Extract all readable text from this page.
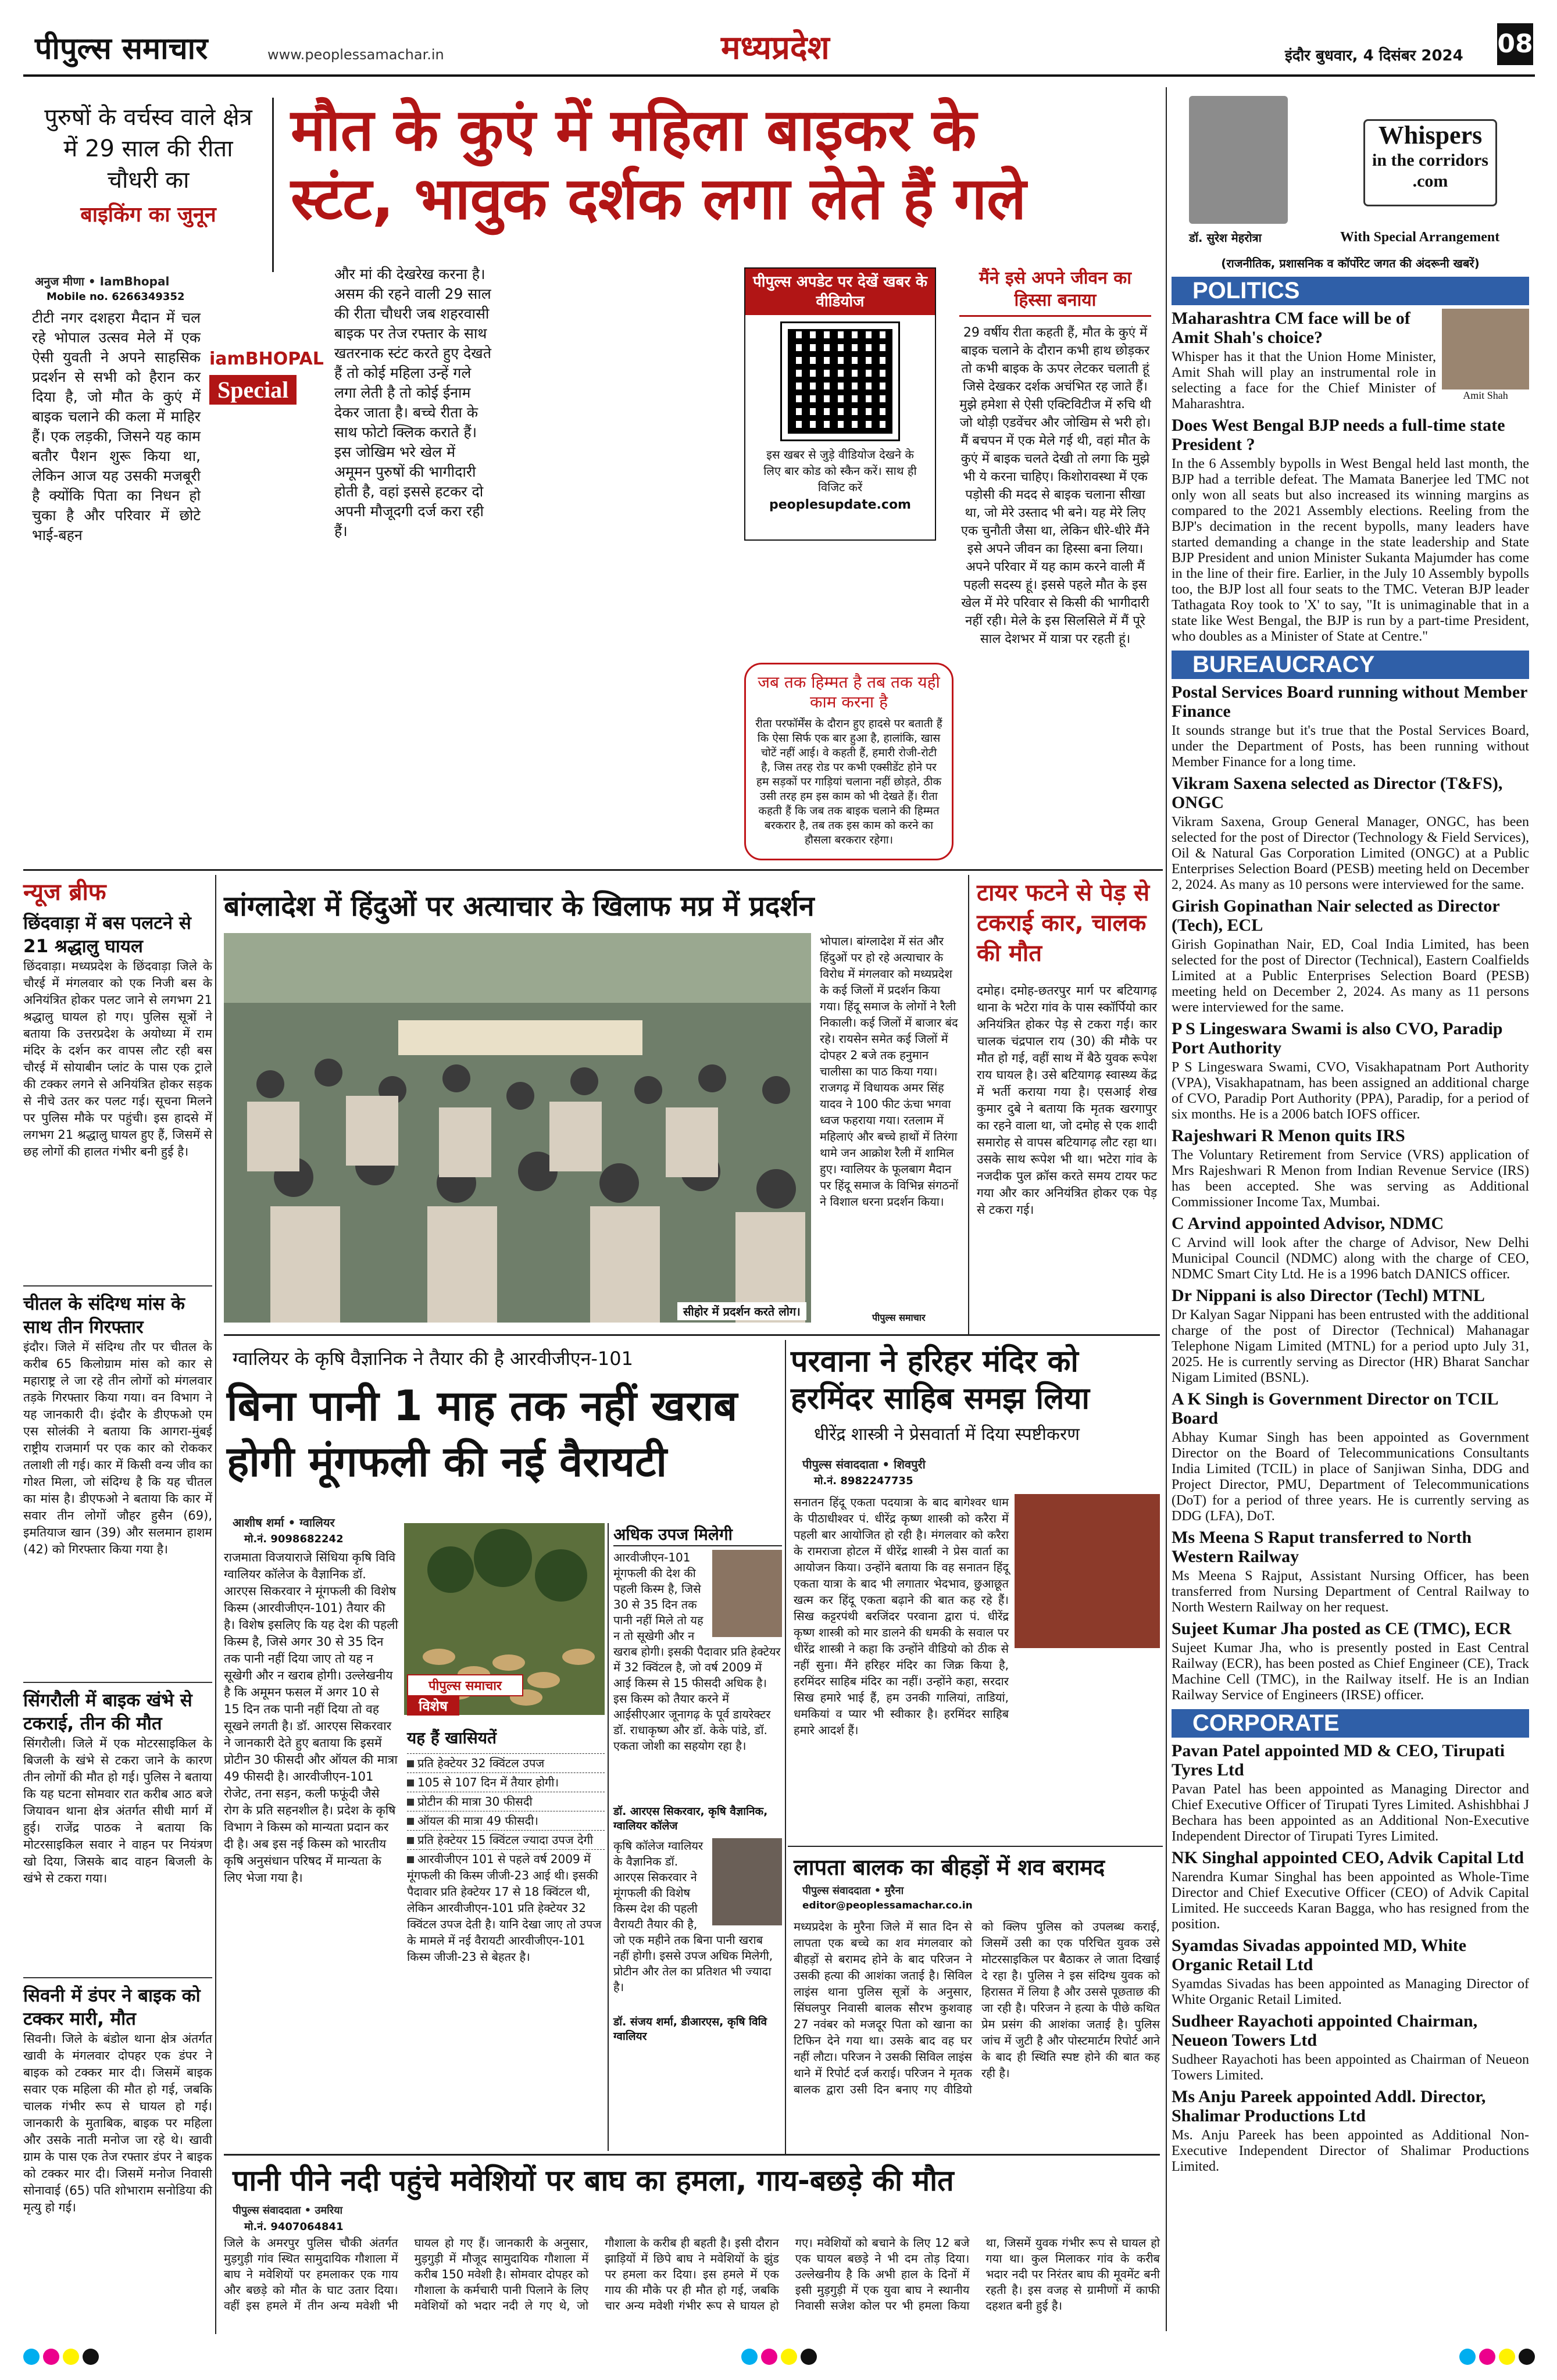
पीपुल्स समाचार	www.peoplessamachar.in	मध्यप्रदेश	इंदौर बुधवार, 4 दिसंबर 2024 08
पुरुषों के वर्चस्व वाले क्षेत्र में 29 साल की रीता चौधरी का
बाइकिंग का जुनून
मौत के कुएं में महिला बाइकर के
स्टंट, भावुक दर्शक लगा लेते हैं गले
अनुज मीणा • IamBhopal
Mobile no. 6266349352
टीटी नगर दशहरा मैदान में चल रहे भोपाल उत्सव मेले में एक ऐसी युवती ने अपने साहसिक प्रदर्शन से सभी को हैरान कर दिया है, जो मौत के कुएं में बाइक चलाने की कला में माहिर हैं। एक लड़की, जिसने यह काम बतौर पैशन शुरू किया था, लेकिन आज यह उसकी मजबूरी है क्योंकि पिता का निधन हो चुका है और परिवार में छोटे भाई-बहन
iamBHOPAL
Special
और मां की देखरेख करना है। असम की रहने वाली 29 साल की रीता चौधरी जब शहरवासी बाइक पर तेज रफ्तार के साथ खतरनाक स्टंट करते हुए देखते हैं तो कोई महिला उन्हें गले लगा लेती है तो कोई ईनाम देकर जाता है। बच्चे रीता के साथ फोटो क्लिक कराते हैं। इस जोखिम भरे खेल में अमूमन पुरुषों की भागीदारी होती है, वहां इससे हटकर दो अपनी मौजूदगी दर्ज करा रही हैं।
पीपुल्स अपडेट पर देखें खबर के वीडियोज
इस खबर से जुड़े वीडियोज देखने के लिए बार कोड को स्कैन करें। साथ ही विजिट करें
peoplesupdate.com
जब तक हिम्मत है तब तक यही काम करना है
रीता परफॉर्मेंस के दौरान हुए हादसे पर बताती हैं कि ऐसा सिर्फ एक बार हुआ है, हालांकि, खास चोटें नहीं आई। वे कहती हैं, हमारी रोजी-रोटी है, जिस तरह रोड पर कभी एक्सीडेंट होने पर हम सड़कों पर गाड़ियां चलाना नहीं छोड़ते, ठीक उसी तरह हम इस काम को भी देखते हैं। रीता कहती हैं कि जब तक बाइक चलाने की हिम्मत बरकरार है, तब तक इस काम को करने का हौसला बरकरार रहेगा।
मैंने इसे अपने जीवन का हिस्सा बनाया
29 वर्षीय रीता कहती हैं, मौत के कुएं में बाइक चलाने के दौरान कभी हाथ छोड़कर तो कभी बाइक के ऊपर लेटकर चलाती हूं जिसे देखकर दर्शक अचंभित रह जाते हैं। मुझे हमेशा से ऐसी एक्टिविटीज में रुचि थी जो थोड़ी एडवेंचर और जोखिम से भरी हो। मैं बचपन में एक मेले गई थी, वहां मौत के कुएं में बाइक चलते देखी तो लगा कि मुझे भी ये करना चाहिए। किशोरावस्था में एक पड़ोसी की मदद से बाइक चलाना सीखा था, जो मेरे उस्ताद भी बने। यह मेरे लिए एक चुनौती जैसा था, लेकिन धीरे-धीरे मैंने इसे अपने जीवन का हिस्सा बना लिया। अपने परिवार में यह काम करने वाली मैं पहली सदस्य हूं। इससे पहले मौत के इस खेल में मेरे परिवार से किसी की भागीदारी नहीं रही। मेले के इस सिलसिले में मैं पूरे साल देशभर में यात्रा पर रहती हूं।
न्यूज ब्रीफ
छिंदवाड़ा में बस पलटने से 21 श्रद्धालु घायल
छिंदवाड़ा। मध्यप्रदेश के छिंदवाड़ा जिले के चौरई में मंगलवार को एक निजी बस के अनियंत्रित होकर पलट जाने से लगभग 21 श्रद्धालु घायल हो गए। पुलिस सूत्रों ने बताया कि उत्तरप्रदेश के अयोध्या में राम मंदिर के दर्शन कर वापस लौट रही बस चौरई में सोयाबीन प्लांट के पास एक ट्राले की टक्कर लगने से अनियंत्रित होकर सड़क से नीचे उतर कर पलट गई। सूचना मिलने पर पुलिस मौके पर पहुंची। इस हादसे में लगभग 21 श्रद्धालु घायल हुए हैं, जिसमें से छह लोगों की हालत गंभीर बनी हुई है।
चीतल के संदिग्ध मांस के साथ तीन गिरफ्तार
इंदौर। जिले में संदिग्ध तौर पर चीतल के करीब 65 किलोग्राम मांस को कार से महाराष्ट्र ले जा रहे तीन लोगों को मंगलवार तड़के गिरफ्तार किया गया। वन विभाग ने यह जानकारी दी। इंदौर के डीएफओ एम एस सोलंकी ने बताया कि आगरा-मुंबई राष्ट्रीय राजमार्ग पर एक कार को रोककर तलाशी ली गई। कार में किसी वन्य जीव का गोश्त मिला, जो संदिग्ध है कि यह चीतल का मांस है। डीएफओ ने बताया कि कार में सवार तीन लोगों जौहर हुसैन (69), इमतियाज खान (39) और सलमान हाशम (42) को गिरफ्तार किया गया है।
सिंगरौली में बाइक खंभे से टकराई, तीन की मौत
सिंगरौली। जिले में एक मोटरसाइकिल के बिजली के खंभे से टकरा जाने के कारण तीन लोगों की मौत हो गई। पुलिस ने बताया कि यह घटना सोमवार रात करीब आठ बजे जियावन थाना क्षेत्र अंतर्गत सीधी मार्ग में हुई। राजेंद्र पाठक ने बताया कि मोटरसाइकिल सवार ने वाहन पर नियंत्रण खो दिया, जिसके बाद वाहन बिजली के खंभे से टकरा गया।
सिवनी में डंपर ने बाइक को टक्कर मारी, मौत
सिवनी। जिले के बंडोल थाना क्षेत्र अंतर्गत खावी के मंगलवार दोपहर एक डंपर ने बाइक को टक्कर मार दी। जिसमें बाइक सवार एक महिला की मौत हो गई, जबकि चालक गंभीर रूप से घायल हो गई। जानकारी के मुताबिक, बाइक पर महिला और उसके नाती मनोज जा रहे थे। खावी ग्राम के पास एक तेज रफ्तार डंपर ने बाइक को टक्कर मार दी। जिसमें मनोज निवासी सोनावाई (65) पति शोभाराम सनोडिया की मृत्यु हो गई।
बांग्लादेश में हिंदुओं पर अत्याचार के खिलाफ मप्र में प्रदर्शन
सीहोर में प्रदर्शन करते लोग।
भोपाल। बांग्लादेश में संत और हिंदुओं पर हो रहे अत्याचार के विरोध में मंगलवार को मध्यप्रदेश के कई जिलों में प्रदर्शन किया गया। हिंदू समाज के लोगों ने रैली निकाली। कई जिलों में बाजार बंद रहे। रायसेन समेत कई जिलों में दोपहर 2 बजे तक हनुमान चालीसा का पाठ किया गया। राजगढ़ में विधायक अमर सिंह यादव ने 100 फीट ऊंचा भगवा ध्वज फहराया गया। रतलाम में महिलाएं और बच्चे हाथों में तिरंगा थामे जन आक्रोश रैली में शामिल हुए। ग्वालियर के फूलबाग मैदान पर हिंदू समाज के विभिन्न संगठनों ने विशाल धरना प्रदर्शन किया।
पीपुल्स समाचार
टायर फटने से पेड़ से टकराई कार, चालक की मौत
दमोह। दमोह-छतरपुर मार्ग पर बटियागढ़ थाना के भटेरा गांव के पास स्कॉर्पियो कार अनियंत्रित होकर पेड़ से टकरा गई। कार चालक चंद्रपाल राय (30) की मौके पर मौत हो गई, वहीं साथ में बैठे युवक रूपेश राय घायल है। उसे बटियागढ़ स्वास्थ्य केंद्र में भर्ती कराया गया है। एसआई शेख कुमार दुबे ने बताया कि मृतक खरगापुर का रहने वाला था, जो दमोह से एक शादी समारोह से वापस बटियागढ़ लौट रहा था। उसके साथ रूपेश भी था। भटेरा गांव के नजदीक पुल क्रॉस करते समय टायर फट गया और कार अनियंत्रित होकर एक पेड़ से टकरा गई।
ग्वालियर के कृषि वैज्ञानिक ने तैयार की है आरवीजीएन-101
बिना पानी 1 माह तक नहीं खराब होगी मूंगफली की नई वैरायटी
आशीष शर्मा • ग्वालियर
मो.नं. 9098682242
राजमाता विजयाराजे सिंधिया कृषि विवि ग्वालियर कॉलेज के वैज्ञानिक डॉ. आरएस सिकरवार ने मूंगफली की विशेष किस्म (आरवीजीएन-101) तैयार की है। विशेष इसलिए कि यह देश की पहली किस्म है, जिसे अगर 30 से 35 दिन तक पानी नहीं दिया जाए तो यह न सूखेगी और न खराब होगी। उल्लेखनीय है कि अमूमन फसल में अगर 10 से 15 दिन तक पानी नहीं दिया तो वह सूखने लगती है। डॉ. आरएस सिकरवार ने जानकारी देते हुए बताया कि इसमें प्रोटीन 30 फीसदी और ऑयल की मात्रा 49 फीसदी है। आरवीजीएन-101 रोजेट, तना सड़न, कली फफूंदी जैसे रोग के प्रति सहनशील है। प्रदेश के कृषि विभाग ने किस्म को मान्यता प्रदान कर दी है। अब इस नई किस्म को भारतीय कृषि अनुसंधान परिषद में मान्यता के लिए भेजा गया है।
पीपुल्स समाचार
विशेष
यह हैं खासियतें
प्रति हेक्टेयर 32 क्विंटल उपज
105 से 107 दिन में तैयार होगी।
प्रोटीन की मात्रा 30 फीसदी
ऑयल की मात्रा 49 फीसदी।
प्रति हेक्टेयर 15 क्विंटल ज्यादा उपज देगी
आरवीजीएन 101 से पहले वर्ष 2009 में मूंगफली की किस्म जीजी-23 आई थी। इसकी पैदावार प्रति हेक्टेयर 17 से 18 क्विंटल थी, लेकिन आरवीजीएन-101 प्रति हेक्टेयर 32 क्विंटल उपज देती है। यानि देखा जाए तो उपज के मामले में नई वैरायटी आरवीजीएन-101 किस्म जीजी-23 से बेहतर है।
अधिक उपज मिलेगी
आरवीजीएन-101 मूंगफली की देश की पहली किस्म है, जिसे 30 से 35 दिन तक पानी नहीं मिले तो यह न तो सूखेगी और न खराब होगी। इसकी पैदावार प्रति हेक्टेयर में 32 क्विंटल है, जो वर्ष 2009 में आई किस्म से 15 फीसदी अधिक है। इस किस्म को तैयार करने में आईसीएआर जूनागढ़ के पूर्व डायरेक्टर डॉ. राधाकृष्ण और डॉ. केके पांडे, डॉ. एकता जोशी का सहयोग रहा है।
डॉ. आरएस सिकरवार, कृषि वैज्ञानिक, ग्वालियर कॉलेज
कृषि कॉलेज ग्वालियर के वैज्ञानिक डॉ. आरएस सिकरवार ने मूंगफली की विशेष किस्म देश की पहली वैरायटी तैयार की है, जो एक महीने तक बिना पानी खराब नहीं होगी। इससे उपज अधिक मिलेगी, प्रोटीन और तेल का प्रतिशत भी ज्यादा है।
डॉ. संजय शर्मा, डीआरएस, कृषि विवि ग्वालियर
परवाना ने हरिहर मंदिर को हरमिंदर साहिब समझ लिया
धीरेंद्र शास्त्री ने प्रेसवार्ता में दिया स्पष्टीकरण
पीपुल्स संवाददाता • शिवपुरी
मो.नं. 8982247735
सनातन हिंदू एकता पदयात्रा के बाद बागेश्वर धाम के पीठाधीश्वर पं. धीरेंद्र कृष्ण शास्त्री को करैरा में पहली बार आयोजित हो रही है। मंगलवार को करैरा के रामराजा होटल में धीरेंद्र शास्त्री ने प्रेस वार्ता का आयोजन किया। उन्होंने बताया कि वह सनातन हिंदू एकता यात्रा के बाद भी लगातार भेदभाव, छुआछूत खत्म कर हिंदू एकता बढ़ाने की बात कह रहे हैं। सिख कट्टरपंथी बरजिंदर परवाना द्वारा पं. धीरेंद्र कृष्ण शास्त्री को मार डालने की धमकी के सवाल पर धीरेंद्र शास्त्री ने कहा कि उन्होंने वीडियो को ठीक से नहीं सुना। मैंने हरिहर मंदिर का जिक्र किया है, हरमिंदर साहिब मंदिर का नहीं। उन्होंने कहा, सरदार सिख हमारे भाई हैं, हम उनकी गालियां, ताडियां, धमकियां व प्यार भी स्वीकार है। हरमिंदर साहिब हमारे आदर्श हैं।
लापता बालक का बीहड़ों में शव बरामद
पीपुल्स संवाददाता • मुरैना
editor@peoplessamachar.co.in
मध्यप्रदेश के मुरैना जिले में सात दिन से लापता एक बच्चे का शव मंगलवार को बीहड़ों से बरामद होने के बाद परिजन ने उसकी हत्या की आशंका जताई है। सिविल लाइंस थाना पुलिस सूत्रों के अनुसार, सिंघलपुर निवासी बालक सौरभ कुशवाह 27 नवंबर को मजदूर पिता को खाना का टिफिन देने गया था। उसके बाद वह घर नहीं लौटा। परिजन ने उसकी सिविल लाइंस थाने में रिपोर्ट दर्ज कराई। परिजन ने मृतक बालक द्वारा उसी दिन बनाए गए वीडियो को क्लिप पुलिस को उपलब्ध कराई, जिसमें उसी का एक परिचित युवक उसे मोटरसाइकिल पर बैठाकर ले जाता दिखाई दे रहा है। पुलिस ने इस संदिग्ध युवक को हिरासत में लिया है और उससे पूछताछ की जा रही है। परिजन ने हत्या के पीछे कथित प्रेम प्रसंग की आशंका जताई है। पुलिस जांच में जुटी है और पोस्टमार्टम रिपोर्ट आने के बाद ही स्थिति स्पष्ट होने की बात कह रही है।
पानी पीने नदी पहुंचे मवेशियों पर बाघ का हमला, गाय-बछड़े की मौत
पीपुल्स संवाददाता • उमरिया
मो.नं. 9407064841
जिले के अमरपुर पुलिस चौकी अंतर्गत मुड़गुड़ी गांव स्थित सामुदायिक गौशाला में बाघ ने मवेशियों पर हमलाकर एक गाय और बछड़े को मौत के घाट उतार दिया। वहीं इस हमले में तीन अन्य मवेशी भी घायल हो गए हैं। जानकारी के अनुसार, मुड़गुड़ी में मौजूद सामुदायिक गौशाला में करीब 150 मवेशी है। सोमवार दोपहर को गौशाला के कर्मचारी पानी पिलाने के लिए मवेशियों को भदार नदी ले गए थे, जो गौशाला के करीब ही बहती है। इसी दौरान झाड़ियों में छिपे बाघ ने मवेशियों के झुंड पर हमला कर दिया। इस हमले में एक गाय की मौके पर ही मौत हो गई, जबकि चार अन्य मवेशी गंभीर रूप से घायल हो गए। मवेशियों को बचाने के लिए 12 बजे एक घायल बछड़े ने भी दम तोड़ दिया। उल्लेखनीय है कि अभी हाल के दिनों में इसी मुड़गुड़ी में एक युवा बाघ ने स्थानीय निवासी सजेश कोल पर भी हमला किया था, जिसमें युवक गंभीर रूप से घायल हो गया था। कुल मिलाकर गांव के करीब भदार नदी पर निरंतर बाघ की मूवमेंट बनी रहती है। इस वजह से ग्रामीणों में काफी दहशत बनी हुई है।
Whispers
in the corridors
.com
डॉ. सुरेश मेहरोत्रा	With Special Arrangement
(राजनीतिक, प्रशासनिक व कॉर्पोरेट जगत की अंदरूनी खबरें)
POLITICS
Amit Shah
Maharashtra CM face will be of Amit Shah's choice?
Whisper has it that the Union Home Minister, Amit Shah will play an instrumental role in selecting a face for the Chief Minister of Maharashtra.
Does West Bengal BJP needs a full-time state President ?
In the 6 Assembly bypolls in West Bengal held last month, the BJP had a terrible defeat. The Mamata Banerjee led TMC not only won all seats but also increased its winning margins as compared to the 2021 Assembly elections. Reeling from the BJP's decimation in the recent bypolls, many leaders have started demanding a change in the state leadership and State BJP President and union Minister Sukanta Majumder has come in the line of their fire. Earlier, in the July 10 Assembly bypolls too, the BJP lost all four seats to the TMC. Veteran BJP leader Tathagata Roy took to 'X' to say, "It is unimaginable that in a state like West Bengal, the BJP is run by a part-time President, who doubles as a Minister of State at Centre."
BUREAUCRACY
Postal Services Board running without Member Finance
It sounds strange but it's true that the Postal Services Board, under the Department of Posts, has been running without Member Finance for a long time.
Vikram Saxena selected as Director (T&FS), ONGC
Vikram Saxena, Group General Manager, ONGC, has been selected for the post of Director (Technology & Field Services), Oil & Natural Gas Corporation Limited (ONGC) at a Public Enterprises Selection Board (PESB) meeting held on December 2, 2024. As many as 10 persons were interviewed for the same.
Girish Gopinathan Nair selected as Director (Tech), ECL
Girish Gopinathan Nair, ED, Coal India Limited, has been selected for the post of Director (Technical), Eastern Coalfields Limited at a Public Enterprises Selection Board (PESB) meeting held on December 2, 2024. As many as 11 persons were interviewed for the same.
P S Lingeswara Swami is also CVO, Paradip Port Authority
P S Lingeswara Swami, CVO, Visakhapatnam Port Authority (VPA), Visakhapatnam, has been assigned an additional charge of CVO, Paradip Port Authority (PPA), Paradip, for a period of six months. He is a 2006 batch IOFS officer.
Rajeshwari R Menon quits IRS
The Voluntary Retirement from Service (VRS) application of Mrs Rajeshwari R Menon from Indian Revenue Service (IRS) has been accepted. She was serving as Additional Commissioner Income Tax, Mumbai.
C Arvind appointed Advisor, NDMC
C Arvind will look after the charge of Advisor, New Delhi Municipal Council (NDMC) along with the charge of CEO, NDMC Smart City Ltd. He is a 1996 batch DANICS officer.
Dr Nippani is also Director (Techl) MTNL
Dr Kalyan Sagar Nippani has been entrusted with the additional charge of the post of Director (Technical) Mahanagar Telephone Nigam Limited (MTNL) for a period upto July 31, 2025. He is currently serving as Director (HR) Bharat Sanchar Nigam Limited (BSNL).
A K Singh is Government Director on TCIL Board
Abhay Kumar Singh has been appointed as Government Director on the Board of Telecommunications Consultants India Limited (TCIL) in place of Sanjiwan Sinha, DDG and Project Director, PMU, Department of Telecommunications (DoT) for a period of three years. He is currently serving as DDG (LFA), DoT.
Ms Meena S Raput transferred to North Western Railway
Ms Meena S Rajput, Assistant Nursing Officer, has been transferred from Nursing Department of Central Railway to North Western Railway on her request.
Sujeet Kumar Jha posted as CE (TMC), ECR
Sujeet Kumar Jha, who is presently posted in East Central Railway (ECR), has been posted as Chief Engineer (CE), Track Machine Cell (TMC), in the Railway itself. He is an Indian Railway Service of Engineers (IRSE) officer.
CORPORATE
Pavan Patel appointed MD & CEO, Tirupati Tyres Ltd
Pavan Patel has been appointed as Managing Director and Chief Executive Officer of Tirupati Tyres Limited. Ashishbhai J Bechara has been appointed as an Additional Non-Executive Independent Director of Tirupati Tyres Limited.
NK Singhal appointed CEO, Advik Capital Ltd
Narendra Kumar Singhal has been appointed as Whole-Time Director and Chief Executive Officer (CEO) of Advik Capital Limited. He succeeds Karan Bagga, who has resigned from the position.
Syamdas Sivadas appointed MD, White Organic Retail Ltd
Syamdas Sivadas has been appointed as Managing Director of White Organic Retail Limited.
Sudheer Rayachoti appointed Chairman, Neueon Towers Ltd
Sudheer Rayachoti has been appointed as Chairman of Neueon Towers Limited.
Ms Anju Pareek appointed Addl. Director, Shalimar Productions Ltd
Ms. Anju Pareek has been appointed as Additional Non-Executive Independent Director of Shalimar Productions Limited.
